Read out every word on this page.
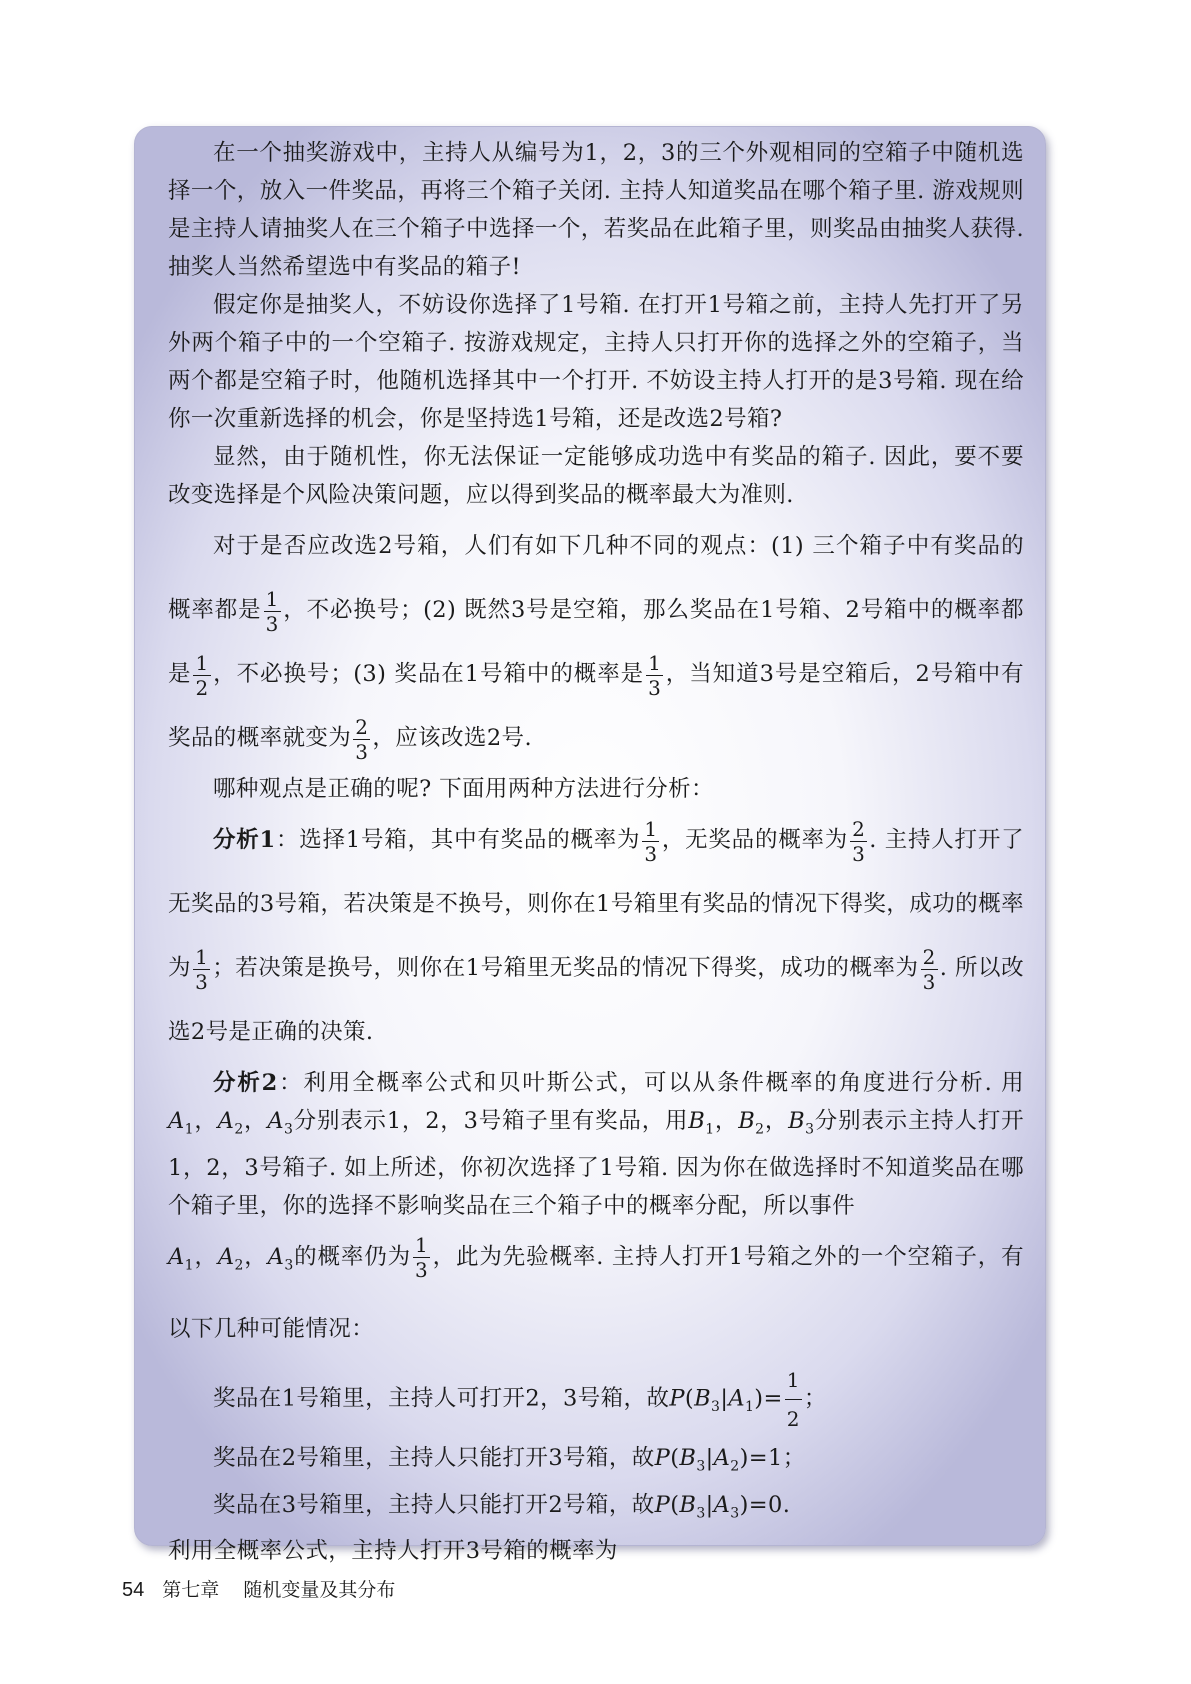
在一个抽奖游戏中，主持人从编号为1，2，3的三个外观相同的空箱子中随机选择一个，放入一件奖品，再将三个箱子关闭. 主持人知道奖品在哪个箱子里. 游戏规则是主持人请抽奖人在三个箱子中选择一个，若奖品在此箱子里，则奖品由抽奖人获得. 抽奖人当然希望选中有奖品的箱子!

假定你是抽奖人，不妨设你选择了1号箱. 在打开1号箱之前，主持人先打开了另外两个箱子中的一个空箱子. 按游戏规定，主持人只打开你的选择之外的空箱子，当两个都是空箱子时，他随机选择其中一个打开. 不妨设主持人打开的是3号箱. 现在给你一次重新选择的机会，你是坚持选1号箱，还是改选2号箱?

显然，由于随机性，你无法保证一定能够成功选中有奖品的箱子. 因此，要不要改变选择是个风险决策问题，应以得到奖品的概率最大为准则.

对于是否应改选2号箱，人们有如下几种不同的观点：(1) 三个箱子中有奖品的概率都是 $\frac{1}{3}$ ，不必换号；(2) 既然3号是空箱，那么奖品在1号箱、2号箱中的概率都是 $\frac{1}{2}$ ，不必换号；(3) 奖品在1号箱中的概率是 $\frac{1}{3}$ ，当知道3号是空箱后，2号箱中有奖品的概率就变为 $\frac{2}{3}$ ，应该改选2号.

哪种观点是正确的呢? 下面用两种方法进行分析：

分析1：选择1号箱，其中有奖品的概率为 $\frac{1}{3}$ ，无奖品的概率为 $\frac{2}{3}$ . 主持人打开了无奖品的3号箱，若决策是不换号，则你在1号箱里有奖品的情况下得奖，成功的概率为 $\frac{1}{3}$ ；若决策是换号，则你在1号箱里无奖品的情况下得奖，成功的概率为 $\frac{2}{3}$ . 所以改选2号是正确的决策.

分析2：利用全概率公式和贝叶斯公式，可以从条件概率的角度进行分析. 用$A_1$，$A_2$，$A_3$分别表示1，2，3号箱子里有奖品，用$B_1$，$B_2$，$B_3$分别表示主持人打开1，2，3号箱子. 如上所述，你初次选择了1号箱. 因为你在做选择时不知道奖品在哪个箱子里，你的选择不影响奖品在三个箱子中的概率分配，所以事件

$A_1$，$A_2$，$A_3$的概率仍为 $\frac{1}{3}$ ，此为先验概率. 主持人打开1号箱之外的一个空箱子，有以下几种可能情况：

奖品在1号箱里，主持人可打开2，3号箱，故$P(B_3|A_1)= \frac{1}{2}$ ；

奖品在2号箱里，主持人只能打开3号箱，故$P(B_3|A_2)=1$；

奖品在3号箱里，主持人只能打开2号箱，故$P(B_3|A_3)=0$.

利用全概率公式，主持人打开3号箱的概率为

54 第七章 随机变量及其分布
